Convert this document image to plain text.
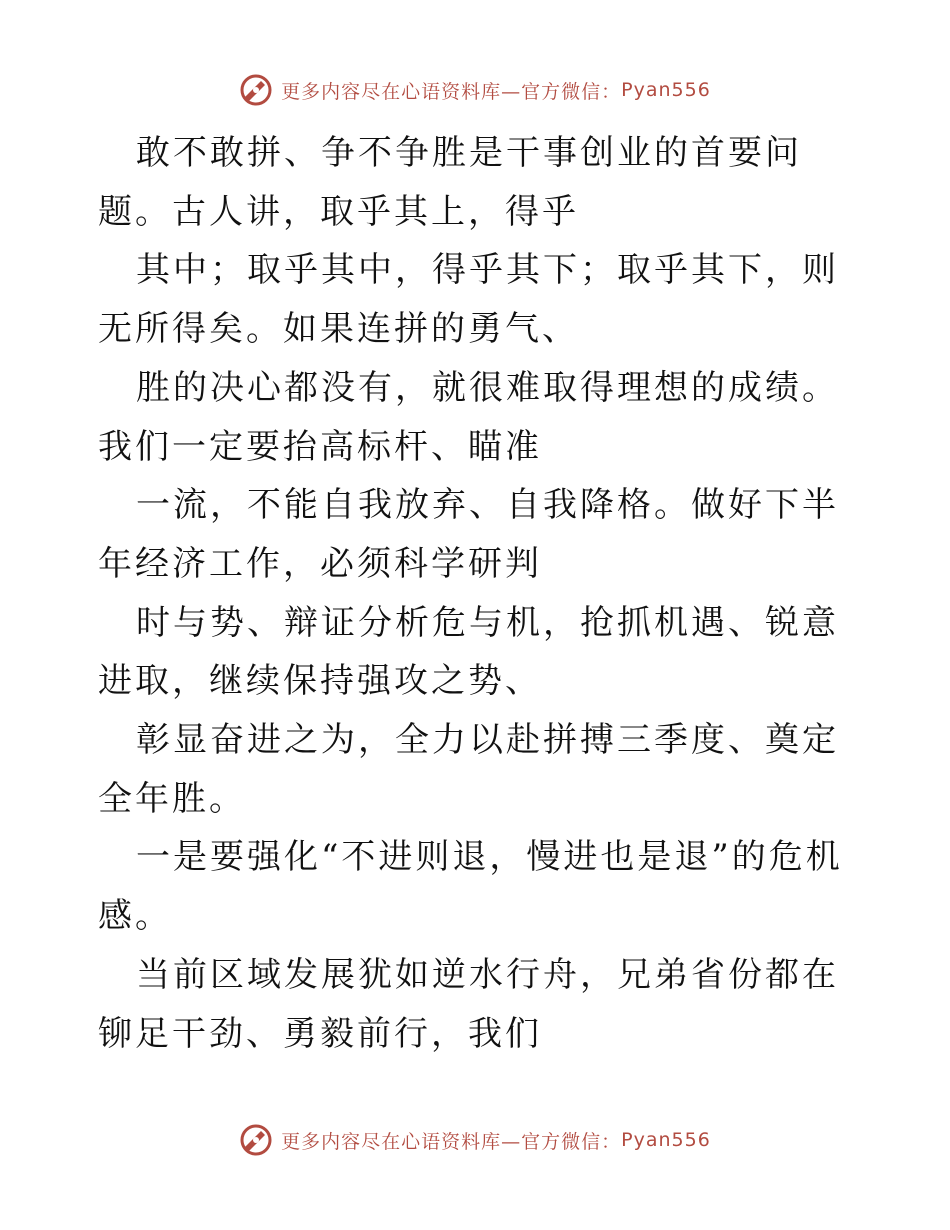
更多内容尽在心语资料库—官方微信： Pyan556

敢不敢拼、争不争胜是干事创业的首要问题。古人讲，取乎其上，得乎

其中；取乎其中，得乎其下；取乎其下，则无所得矣。如果连拼的勇气、

胜的决心都没有，就很难取得理想的成绩。我们一定要抬高标杆、瞄准

一流，不能自我放弃、自我降格。做好下半年经济工作，必须科学研判

时与势、辩证分析危与机，抢抓机遇、锐意进取，继续保持强攻之势、

彰显奋进之为，全力以赴拼搏三季度、奠定全年胜。

一是要强化“不进则退，慢进也是退”的危机感。

当前区域发展犹如逆水行舟，兄弟省份都在铆足干劲、勇毅前行，我们

更多内容尽在心语资料库—官方微信： Pyan556
